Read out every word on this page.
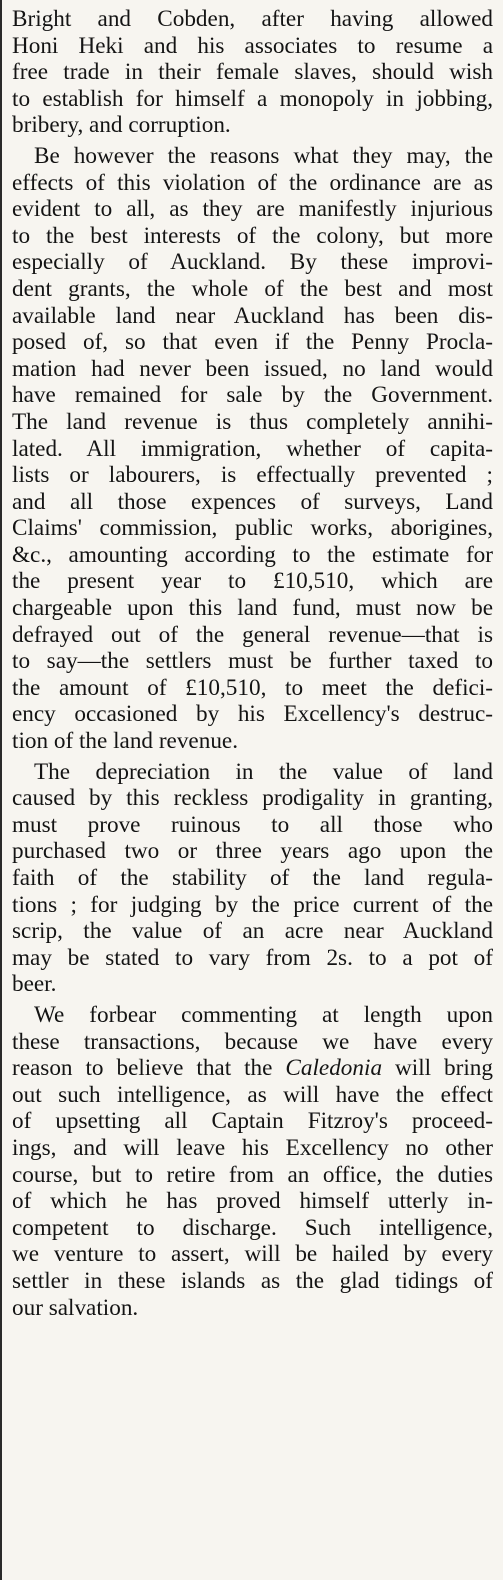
Bright and Cobden, after having allowed
Honi Heki and his associates to resume a
free trade in their female slaves, should wish
to establish for himself a monopoly in jobbing,
bribery, and corruption.

Be however the reasons what they may, the
effects of this violation of the ordinance are as
evident to all, as they are manifestly injurious
to the best interests of the colony, but more
especially of Auckland. By these improvi-
dent grants, the whole of the best and most
available land near Auckland has been dis-
posed of, so that even if the Penny Procla-
mation had never been issued, no land would
have remained for sale by the Government.
The land revenue is thus completely annihi-
lated. All immigration, whether of capita-
lists or labourers, is effectually prevented ;
and all those expences of surveys, Land
Claims' commission, public works, aborigines,
&c., amounting according to the estimate for
the present year to £10,510, which are
chargeable upon this land fund, must now be
defrayed out of the general revenue—that is
to say—the settlers must be further taxed to
the amount of £10,510, to meet the defici-
ency occasioned by his Excellency's destruc-
tion of the land revenue.

The depreciation in the value of land
caused by this reckless prodigality in granting,
must prove ruinous to all those who
purchased two or three years ago upon the
faith of the stability of the land regula-
tions ; for judging by the price current of the
scrip, the value of an acre near Auckland
may be stated to vary from 2s. to a pot of
beer.

We forbear commenting at length upon
these transactions, because we have every
reason to believe that the Caledonia will bring
out such intelligence, as will have the effect
of upsetting all Captain Fitzroy's proceed-
ings, and will leave his Excellency no other
course, but to retire from an office, the duties
of which he has proved himself utterly in-
competent to discharge. Such intelligence,
we venture to assert, will be hailed by every
settler in these islands as the glad tidings of
our salvation.
